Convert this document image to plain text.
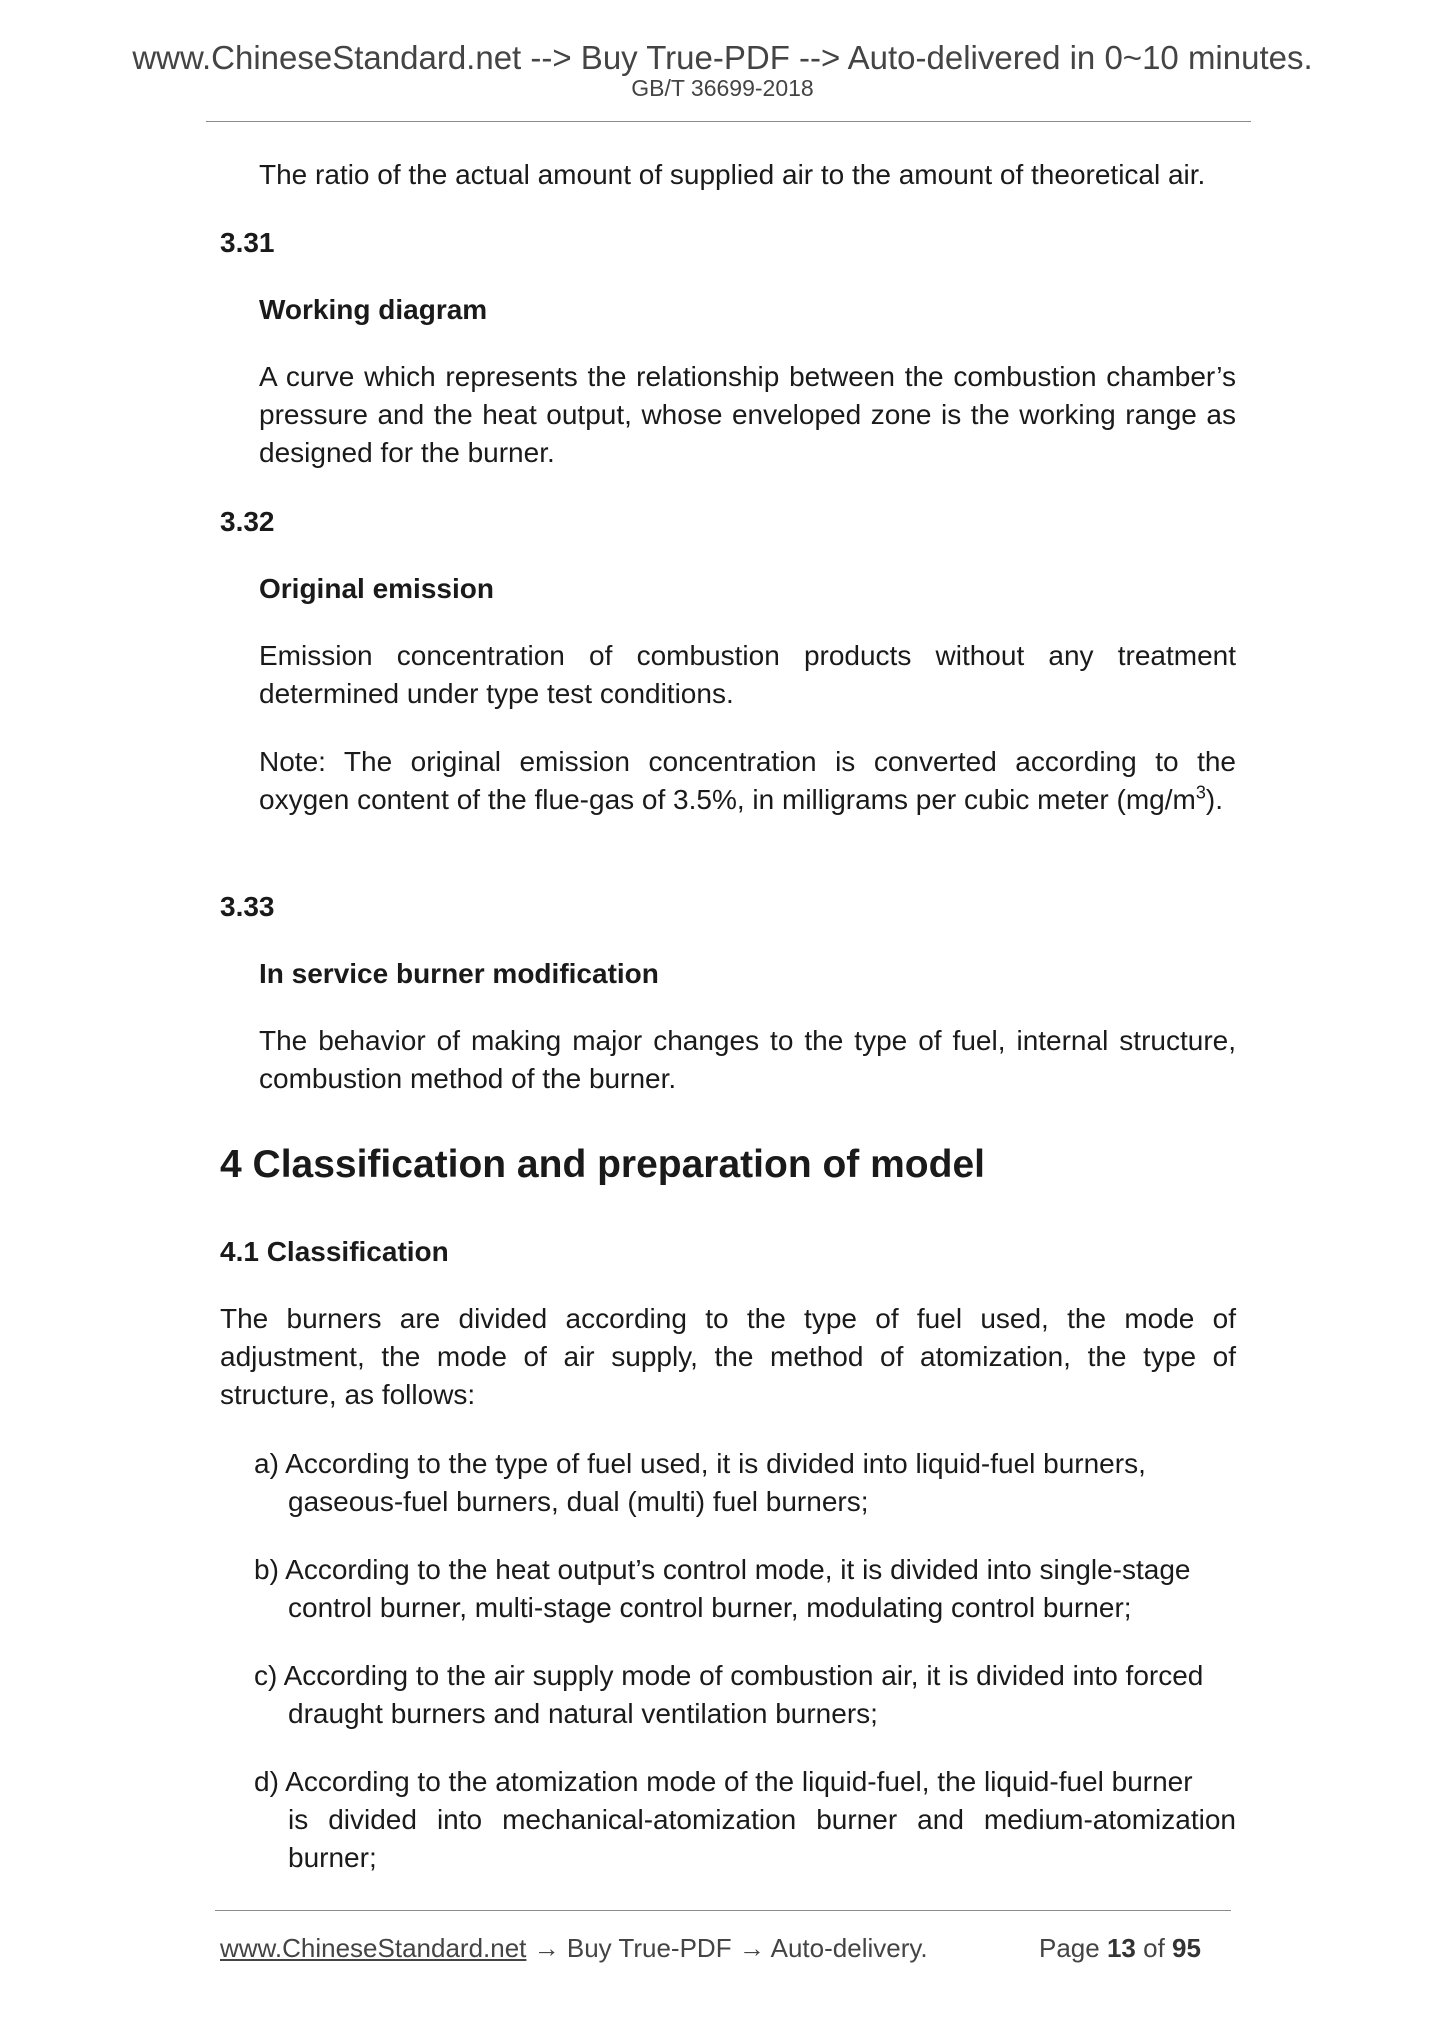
www.ChineseStandard.net --> Buy True-PDF --> Auto-delivered in 0~10 minutes.
GB/T 36699-2018

The ratio of the actual amount of supplied air to the amount of theoretical air.

3.31

Working diagram

A curve which represents the relationship between the combustion chamber’s pressure and the heat output, whose enveloped zone is the working range as designed for the burner.

3.32

Original emission

Emission concentration of combustion products without any treatment determined under type test conditions.

Note: The original emission concentration is converted according to the oxygen content of the flue-gas of 3.5%, in milligrams per cubic meter $(mg/m^3)$.

3.33

In service burner modification

The behavior of making major changes to the type of fuel, internal structure, combustion method of the burner.

4 Classification and preparation of model
4.1 Classification

The burners are divided according to the type of fuel used, the mode of adjustment, the mode of air supply, the method of atomization, the type of structure, as follows:

a) According to the type of fuel used, it is divided into liquid-fuel burners,
gaseous-fuel burners, dual (multi) fuel burners;
b) According to the heat output’s control mode, it is divided into single-stage
control burner, multi-stage control burner, modulating control burner;
c) According to the air supply mode of combustion air, it is divided into forced
draught burners and natural ventilation burners;
d) According to the atomization mode of the liquid-fuel, the liquid-fuel burner
is divided into mechanical-atomization burner and medium-atomization burner;
www.ChineseStandard.net → Buy True-PDF → Auto-delivery.	Page 13 of 95
